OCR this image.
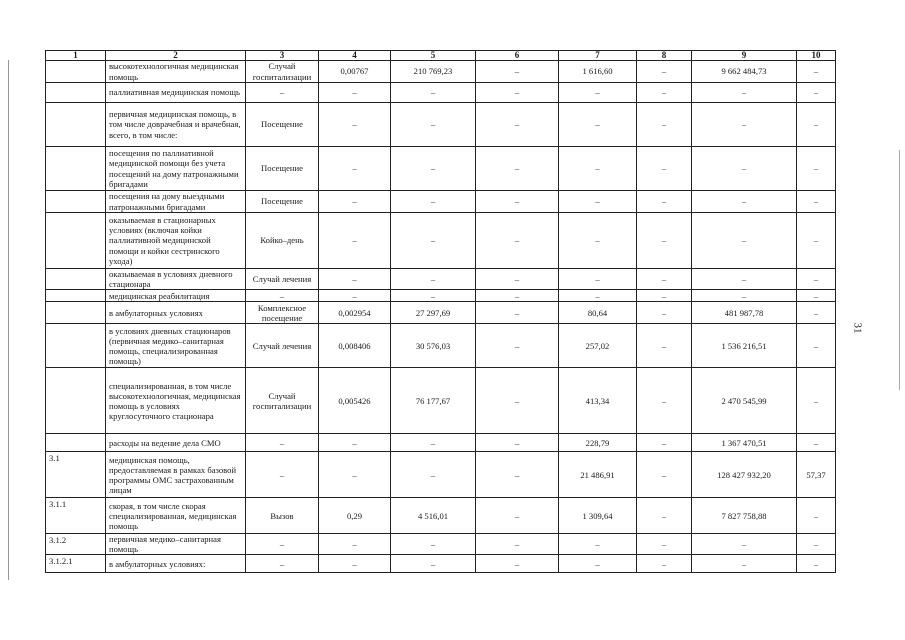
31
1	2	3	4	5	6	7	8	9	10
	высокотехнологичная медицинская помощь	Случай госпитализации	0,00767	210 769,23	–	1 616,60	–	9 662 484,73	–
	паллиативная медицинская помощь	–	–	–	–	–	–	–	–
	первичная медицинская помощь, в том числе доврачебная и врачебная, всего, в том числе:	Посещение	–	–	–	–	–	–	–
	посещения по паллиативной медицинской помощи без учета посещений на дому патронажными бригадами	Посещение	–	–	–	–	–	–	–
	посещения на дому выездными патронажными бригадами	Посещение	–	–	–	–	–	–	–
	оказываемая в стационарных условиях (включая койки паллиативной медицинской помощи и койки сестринского ухода)	Койко–день	–	–	–	–	–	–	–
	оказываемая в условиях дневного стационара	Случай лечения	–	–	–	–	–	–	–
	медицинская реабилитация	–	–	–	–	–	–	–	–
	в амбулаторных условиях	Комплексное посещение	0,002954	27 297,69	–	80,64	–	481 987,78	–
	в условиях дневных стационаров (первичная медико–санитарная помощь, специализированная помощь)	Случай лечения	0,008406	30 576,03	–	257,02	–	1 536 216,51	–
	специализированная, в том числе высокотехнологичная, медицинская помощь в условиях круглосуточного стационара	Случай госпитализации	0,005426	76 177,67	–	413,34	–	2 470 545,99	–
	расходы на ведение дела СМО	–	–	–	–	228,79	–	1 367 470,51	–
3.1	медицинская помощь, предоставляемая в рамках базовой программы ОМС застрахованным лицам	–	–	–	–	21 486,91	–	128 427 932,20	57,37
3.1.1	скорая, в том числе скорая специализированная, медицинская помощь	Вызов	0,29	4 516,01	–	1 309,64	–	7 827 758,88	–
3.1.2	первичная медико–санитарная помощь	–	–	–	–	–	–	–	–
3.1.2.1	в амбулаторных условиях:	–	–	–	–	–	–	–	–
